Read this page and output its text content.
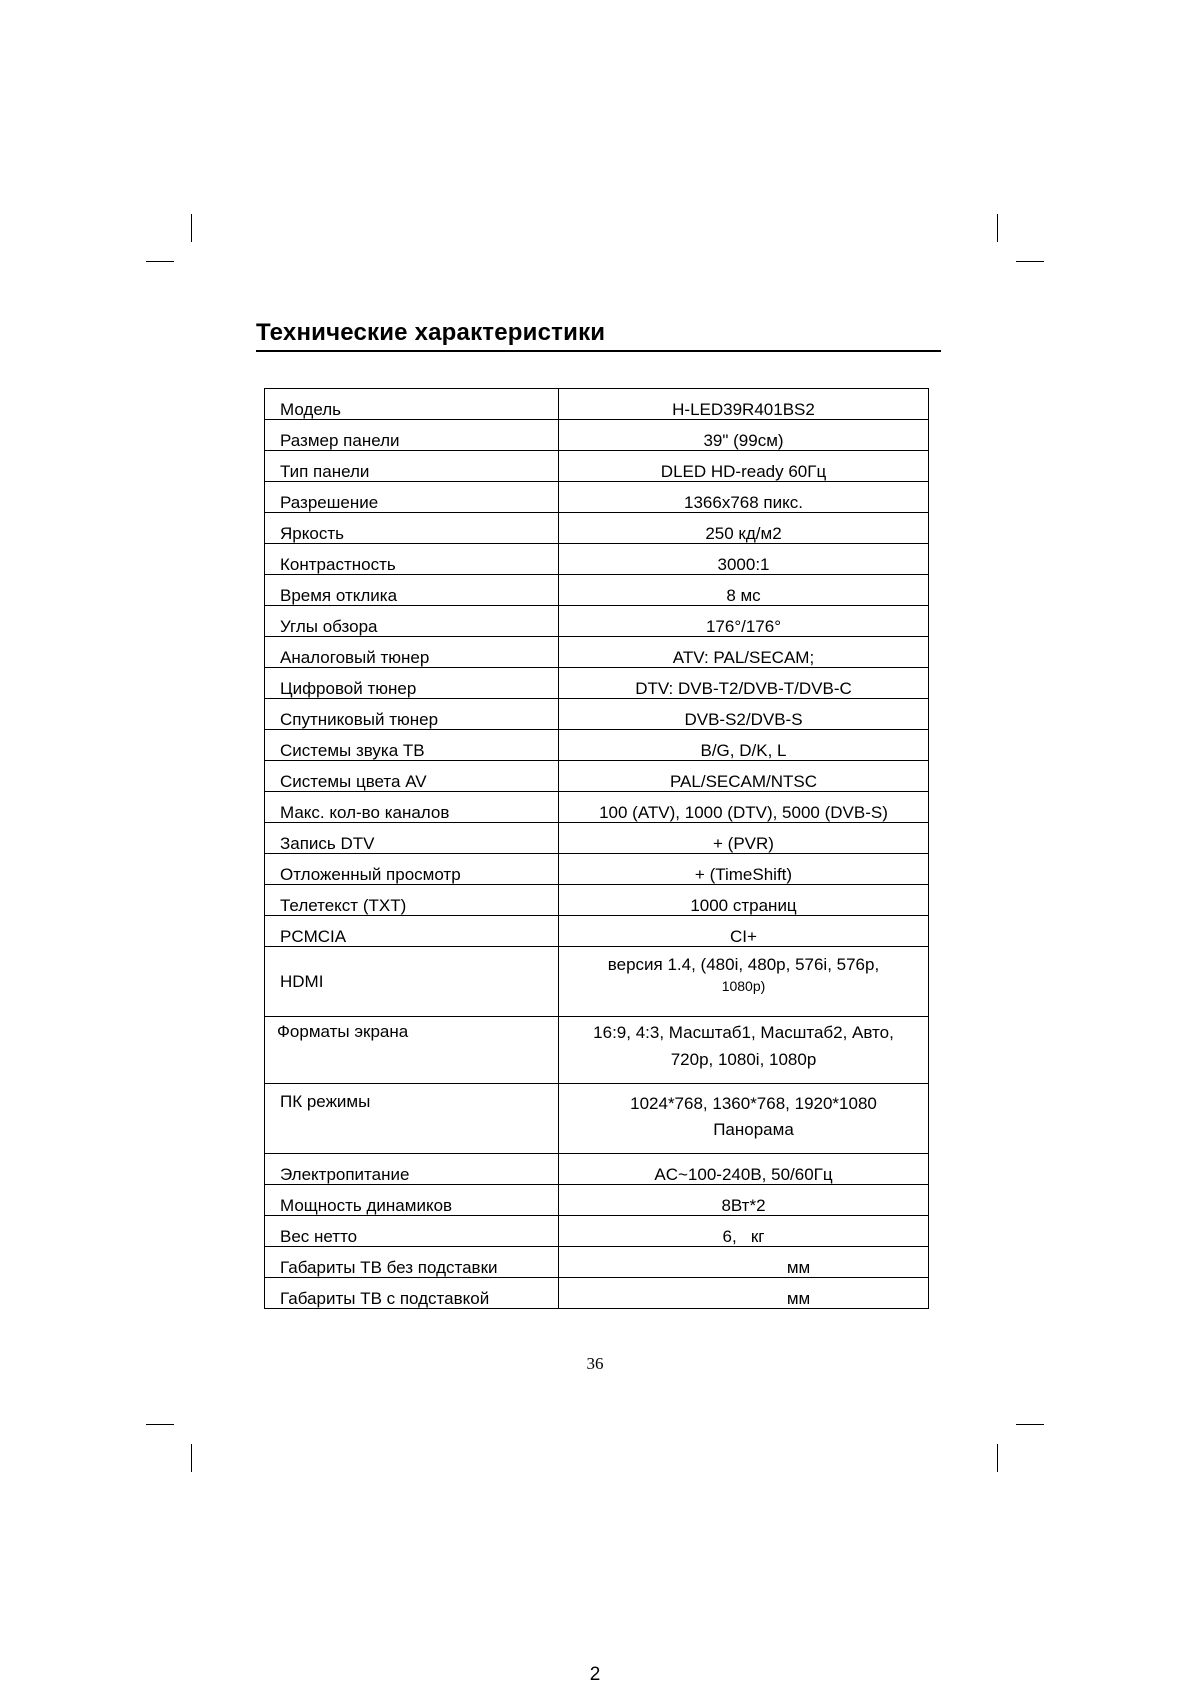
Технические характеристики
Модель	H-LED39R401BS2
Размер панели	39" (99см)
Тип панели	DLED HD-ready 60Гц
Разрешение	1366x768 пикс.
Яркость	250 кд/м2
Контрастность	3000:1
Время отклика	8 мс
Углы обзора	176°/176°
Аналоговый тюнер	ATV: PAL/SECAM;
Цифровой тюнер	DTV: DVB-T2/DVB-T/DVB-C
Спутниковый тюнер	DVB-S2/DVB-S
Системы звука ТВ	B/G, D/K, L
Системы цвета AV	PAL/SECAM/NTSC
Макс. кол-во каналов	100 (ATV), 1000 (DTV), 5000 (DVB-S)
Запись DTV	+ (PVR)
Отложенный просмотр	+ (TimeShift)
Телетекст (TXT)	1000 страниц
PCMCIA	CI+
HDMI	версия 1.4, (480i, 480p, 576i, 576p,
1080p)

Форматы экрана	16:9, 4:3, Масштаб1, Масштаб2, Авто,
720p, 1080i, 1080p
ПК режимы	1024*768, 1360*768, 1920*1080
Панорама
Электропитание	AC~100-240В, 50/60Гц
Мощность динамиков	8Вт*2
Вес нетто	6,   кг
Габариты ТВ без подставки	мм
Габариты ТВ с подставкой	мм
36
2
